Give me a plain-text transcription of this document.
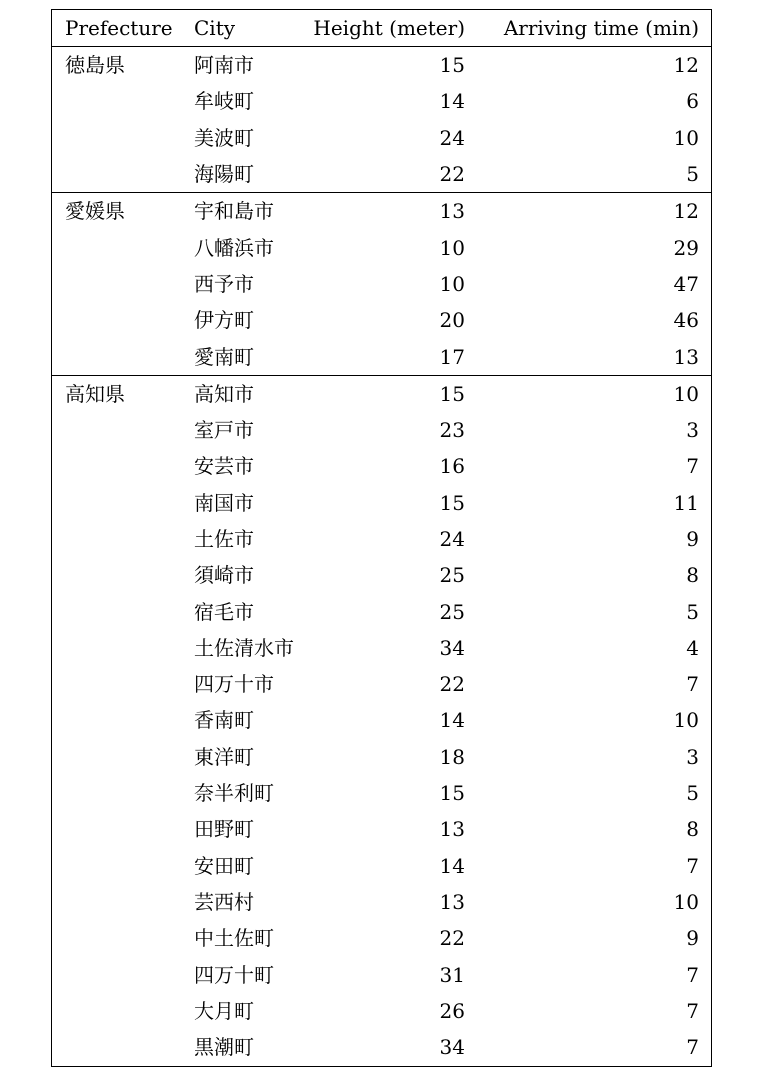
Prefecture	City	Height (meter)	Arriving time (min)
徳島県	阿南市	15	12
	牟岐町	14	6
	美波町	24	10
	海陽町	22	5
愛媛県	宇和島市	13	12
	八幡浜市	10	29
	西予市	10	47
	伊方町	20	46
	愛南町	17	13
高知県	高知市	15	10
	室戸市	23	3
	安芸市	16	7
	南国市	15	11
	土佐市	24	9
	須崎市	25	8
	宿毛市	25	5
	土佐清水市	34	4
	四万十市	22	7
	香南町	14	10
	東洋町	18	3
	奈半利町	15	5
	田野町	13	8
	安田町	14	7
	芸西村	13	10
	中土佐町	22	9
	四万十町	31	7
	大月町	26	7
	黒潮町	34	7
